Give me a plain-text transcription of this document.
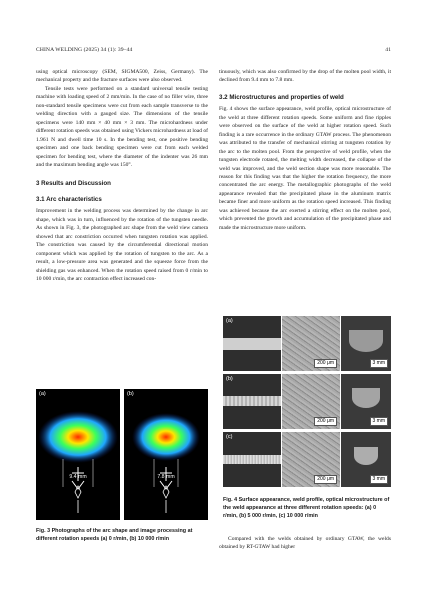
CHINA WELDING (2025) 34 (1): 39–44	41

using optical microscopy (SEM, SIGMA500, Zeiss, Germany). The mechanical property and the fracture surfaces were also observed.

Tensile tests were performed on a standard universal tensile testing machine with loading speed of 2 mm/min. In the case of no filler wire, three non-standard tensile specimens were cut from each sample transverse to the welding direction with a gauged size. The dimensions of the tensile specimens were 140 mm × 40 mm × 3 mm. The microhardness under different rotation speeds was obtained using Vickers microhardness at load of 1.961 N and dwell time 10 s. In the bending test, one positive bending specimen and one back bending specimen were cut from each welded specimen for bending test, where the diameter of the indenter was 26 mm and the maximum bending angle was 150°.

3 Results and Discussion
3.1 Arc characteristics

Improvement in the welding process was determined by the change in arc shape, which was in turn, influenced by the rotation of the tungsten needle. As shown in Fig. 3, the photographed arc shape from the weld view camera showed that arc constriction occurred when tungsten rotation was applied. The constriction was caused by the circumferential directional motion component which was applied by the rotation of tungsten to the arc. As a result, a low-pressure area was generated and the squeeze force from the shielding gas was enhanced. When the rotation speed raised from 0 r/min to 10 000 r/min, the arc contraction effect increased con-

tinuously, which was also confirmed by the drop of the molten pool width, it declined from 9.4 mm to 7.8 mm.

3.2 Microstructures and properties of weld

Fig. 4 shows the surface appearance, weld profile, optical microstructure of the weld at three different rotation speeds. Some uniform and fine ripples were observed on the surface of the weld at higher rotation speed. Such finding is a rare occurrence in the ordinary GTAW process. The phenomenon was attributed to the transfer of mechanical stirring at tungsten rotation by the arc to the molten pool. From the perspective of weld profile, when the tungsten electrode rotated, the melting width decreased, the collapse of the weld was improved, and the weld section shape was more reasonable. The reason for this finding was that the higher the rotation frequency, the more concentrated the arc energy. The metallographic photographs of the weld appearance revealed that the precipitated phase in the aluminum matrix became finer and more uniform as the rotation speed increased. This finding was achieved because the arc exerted a stirring effect on the molten pool, which prevented the growth and accumulation of the precipitated phase and made the microstructure more uniform.

(a)
9.4 mm
(b)
7.8 mm
Fig. 3 Photographs of the arc shape and image processing at different rotation speeds (a) 0 r/min, (b) 10 000 r/min
200 μm	3 mm
(a)
200 μm	3 mm
(b)
200 μm	3 mm
(c)
Fig. 4 Surface appearance, weld profile, optical microstructure of the weld appearance at three different rotation speeds: (a) 0 r/min, (b) 5 000 r/min, (c) 10 000 r/min

Compared with the welds obtained by ordinary GTAW, the welds obtained by RT-GTAW had higher
